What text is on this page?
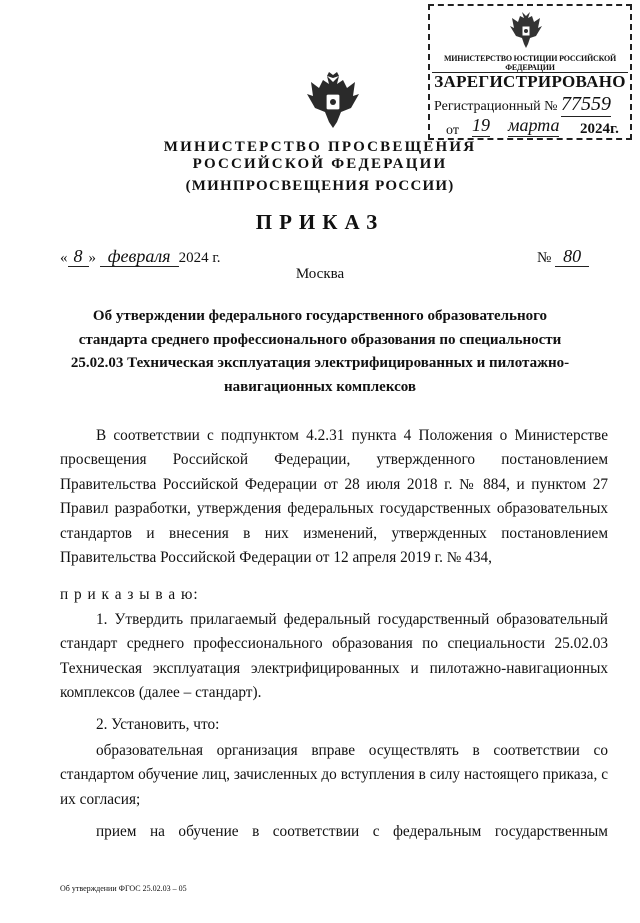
МИНИСТЕРСТВО ЮСТИЦИИ РОССИЙСКОЙ ФЕДЕРАЦИИ
ЗАРЕГИСТРИРОВАНО
Регистрационный № 77559
от 19 марта 2024г.
МИНИСТЕРСТВО ПРОСВЕЩЕНИЯ
РОССИЙСКОЙ ФЕДЕРАЦИИ
(МИНПРОСВЕЩЕНИЯ РОССИИ)
ПРИКАЗ
« 8 » февраля 2024 г.	№ 80
Москва
Об утверждении федерального государственного образовательного стандарта среднего профессионального образования по специальности 25.02.03 Техническая эксплуатация электрифицированных и пилотажно-навигационных комплексов

В соответствии с подпунктом 4.2.31 пункта 4 Положения о Министерстве просвещения Российской Федерации, утвержденного постановлением Правительства Российской Федерации от 28 июля 2018 г. № 884, и пунктом 27 Правил разработки, утверждения федеральных государственных образовательных стандартов и внесения в них изменений, утвержденных постановлением Правительства Российской Федерации от 12 апреля 2019 г. № 434,

п р и к а з ы в а ю:

1. Утвердить прилагаемый федеральный государственный образовательный стандарт среднего профессионального образования по специальности 25.02.03 Техническая эксплуатация электрифицированных и пилотажно-навигационных комплексов (далее – стандарт).

2. Установить, что:

образовательная организация вправе осуществлять в соответствии со стандартом обучение лиц, зачисленных до вступления в силу настоящего приказа, с их согласия;

прием на обучение в соответствии с федеральным государственным

Об утверждении ФГОС 25.02.03 – 05
